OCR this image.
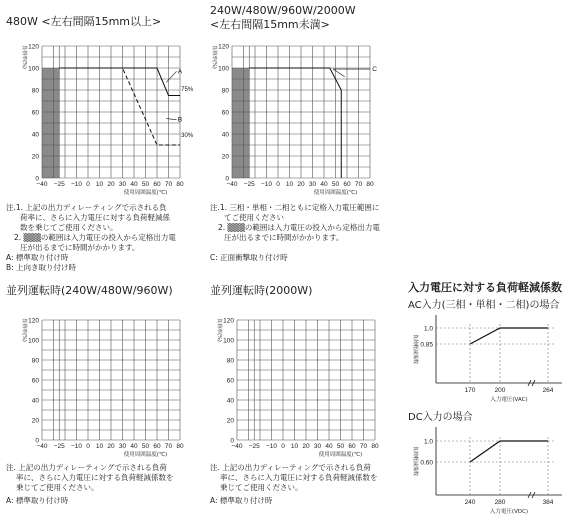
480W <左右間隔15mm以上>
240W/480W/960W/2000W
<左右間隔15mm未満>
並列運転時(240W/480W/960W)	並列運転時(2000W)	入力電圧に対する負荷軽減係数
AC入力(三相・単相・二相)の場合
DC入力の場合
注.1. 上記の出力ディレーティングで示される負
荷率に、さらに入力電圧に対する負荷軽減係
数を乗じてご使用ください。
2. ▒▒▒の範囲は入力電圧の投入から定格出力電
圧が出るまでに時間がかかります。
A: 標準取り付け時
B: 上向き取り付け時
注.1. 三相・単相・二相ともに定格入力電圧範囲に
てご使用ください
2. ▒▒▒の範囲は入力電圧の投入から定格出力電
圧が出るまでに時間がかかります。
C: 正面衝撃取り付け時
注. 上記の出力ディレーティングで示される負荷
率に、さらに入力電圧に対する負荷軽減係数を
乗じてご使用ください。
A: 標準取り付け時
注. 上記の出力ディレーティングで示される負荷
率に、さらに入力電圧に対する負荷軽減係数を
乗じてご使用ください。
A: 標準取り付け時
0
20
40
60
80
100
120
−40 −25 −10 0 10 20 30 40 50 60 70 80
使用周囲温度(℃)
負荷率(%)
A
75%
B
30%
0
20
40
60
80
100
120
−40 −25 −10 0 10 20 30 40 50 60 70 80
使用周囲温度(℃)
負荷率(%)
C
0
20
40
60
80
100
120
−40 −25 −10 0 10 20 30 40 50 60 70 80
使用周囲温度(℃)
負荷率(%)
0
20
40
60
80
100
120
−40 −25 −10 0 10 20 30 40 50 60 70 80
使用周囲温度(℃)
負荷率(%)
0.85
1.0
170	200	264
入力電圧(VAC)
負荷軽減係数
0.60
1.0
240	280	384
入力電圧(VDC)
負荷軽減係数
